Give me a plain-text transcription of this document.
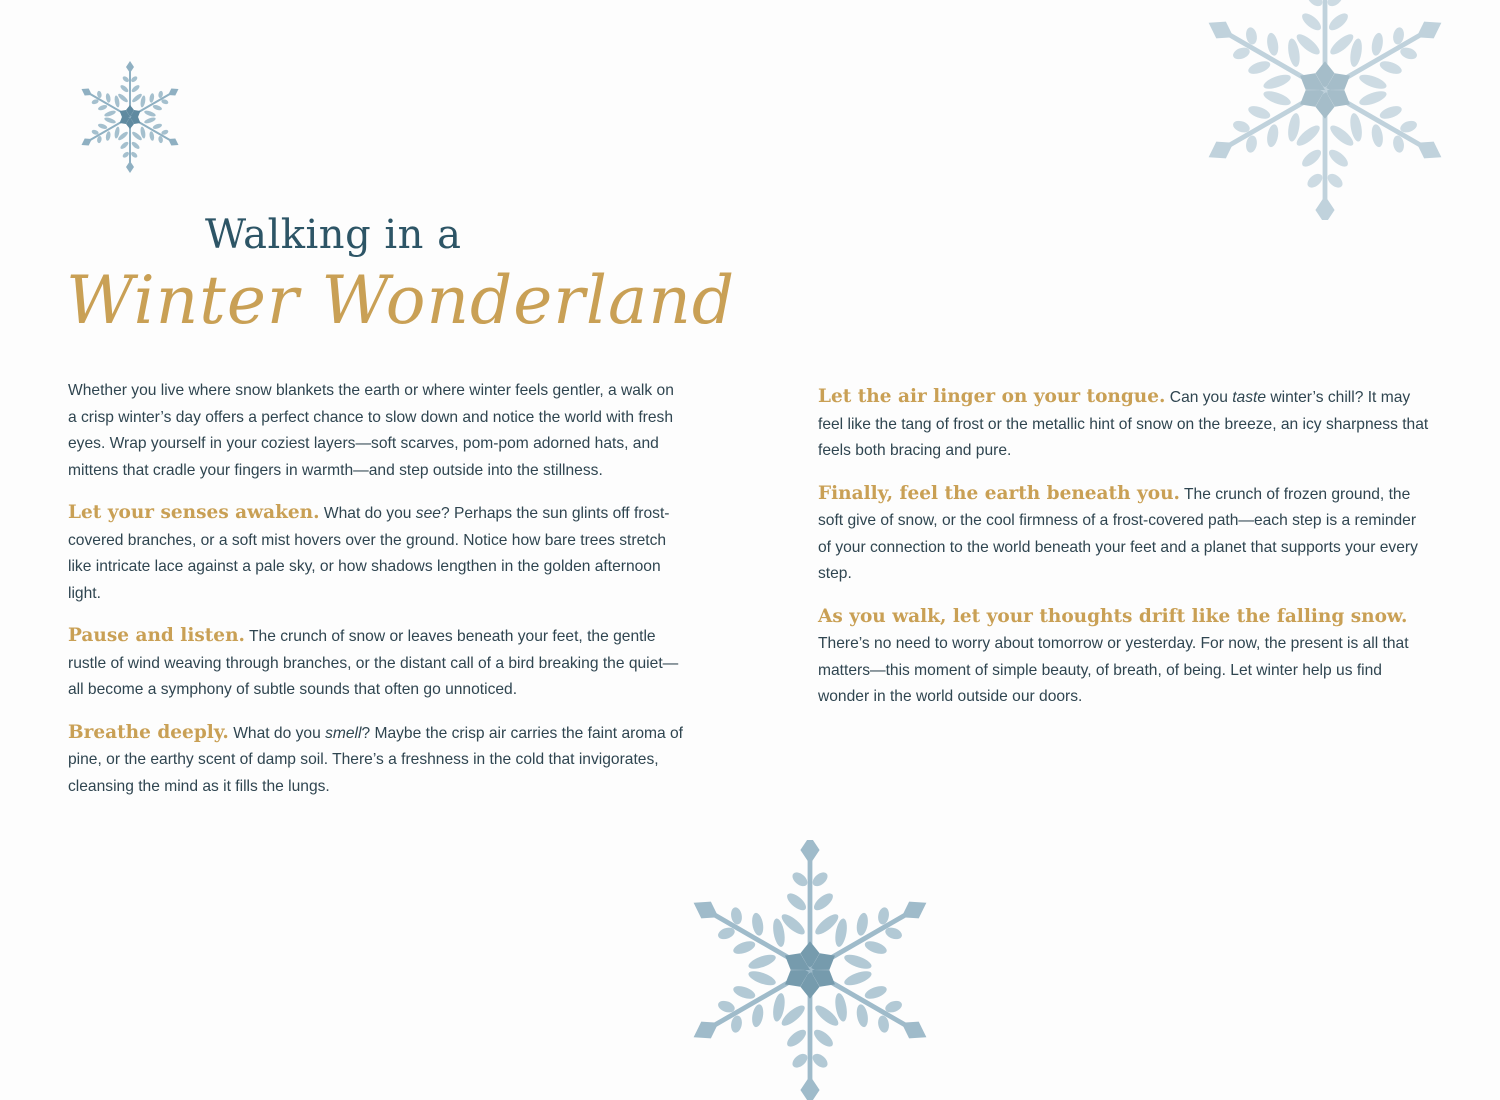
Walking in a
Winter Wonderland

Whether you live where snow blankets the earth or where winter feels gentler, a walk on a crisp winter’s day offers a perfect chance to slow down and notice the world with fresh eyes. Wrap yourself in your coziest layers—soft scarves, pom-pom adorned hats, and mittens that cradle your fingers in warmth—and step outside into the stillness.

Let your senses awaken. What do you see? Perhaps the sun glints off frost-covered branches, or a soft mist hovers over the ground. Notice how bare trees stretch like intricate lace against a pale sky, or how shadows lengthen in the golden afternoon light.

Pause and listen. The crunch of snow or leaves beneath your feet, the gentle rustle of wind weaving through branches, or the distant call of a bird breaking the quiet—all become a symphony of subtle sounds that often go unnoticed.

Breathe deeply. What do you smell? Maybe the crisp air carries the faint aroma of pine, or the earthy scent of damp soil. There’s a freshness in the cold that invigorates, cleansing the mind as it fills the lungs.

Let the air linger on your tongue. Can you taste winter’s chill? It may feel like the tang of frost or the metallic hint of snow on the breeze, an icy sharpness that feels both bracing and pure.

Finally, feel the earth beneath you. The crunch of frozen ground, the soft give of snow, or the cool firmness of a frost-covered path—each step is a reminder of your connection to the world beneath your feet and a planet that supports your every step.

As you walk, let your thoughts drift like the falling snow.
There’s no need to worry about tomorrow or yesterday. For now, the present is all that matters—this moment of simple beauty, of breath, of being. Let winter help us find wonder in the world outside our doors.
